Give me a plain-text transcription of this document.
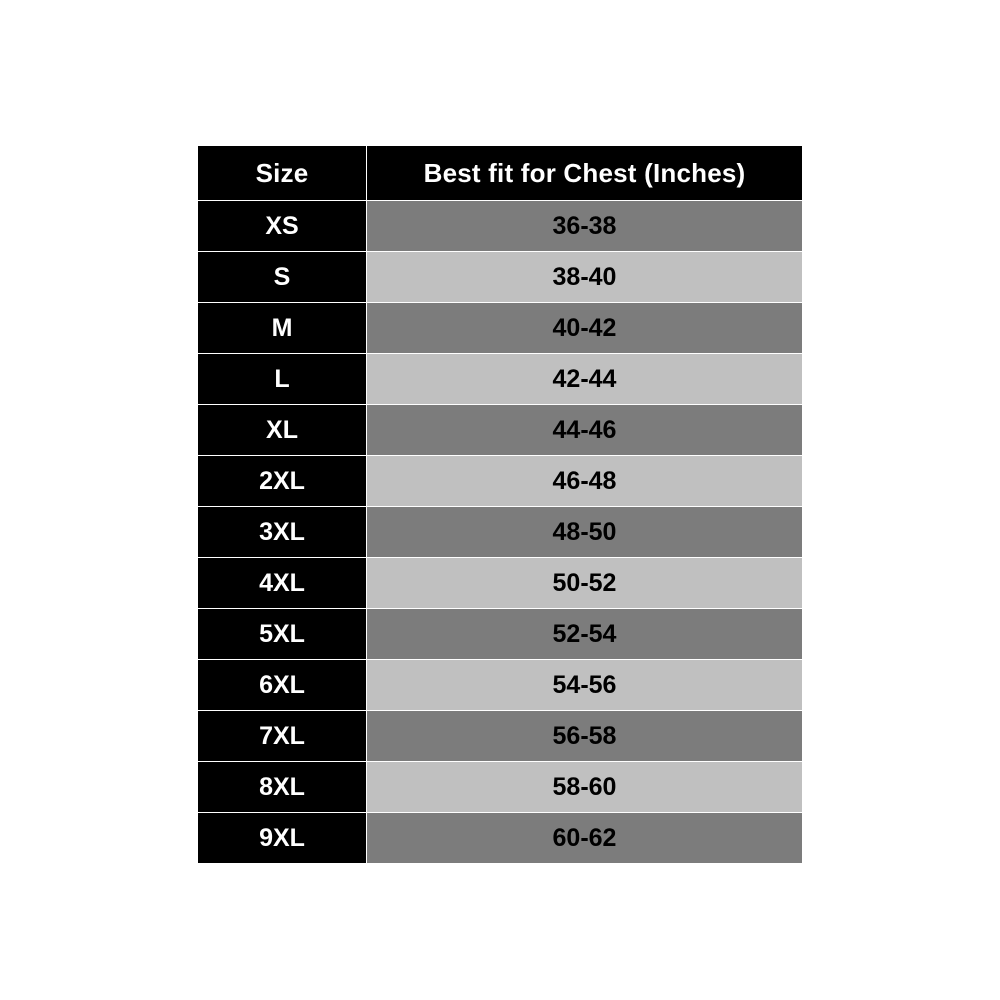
Size	Best fit for Chest (Inches)
XS	36-38
S	38-40
M	40-42
L	42-44
XL	44-46
2XL	46-48
3XL	48-50
4XL	50-52
5XL	52-54
6XL	54-56
7XL	56-58
8XL	58-60
9XL	60-62
